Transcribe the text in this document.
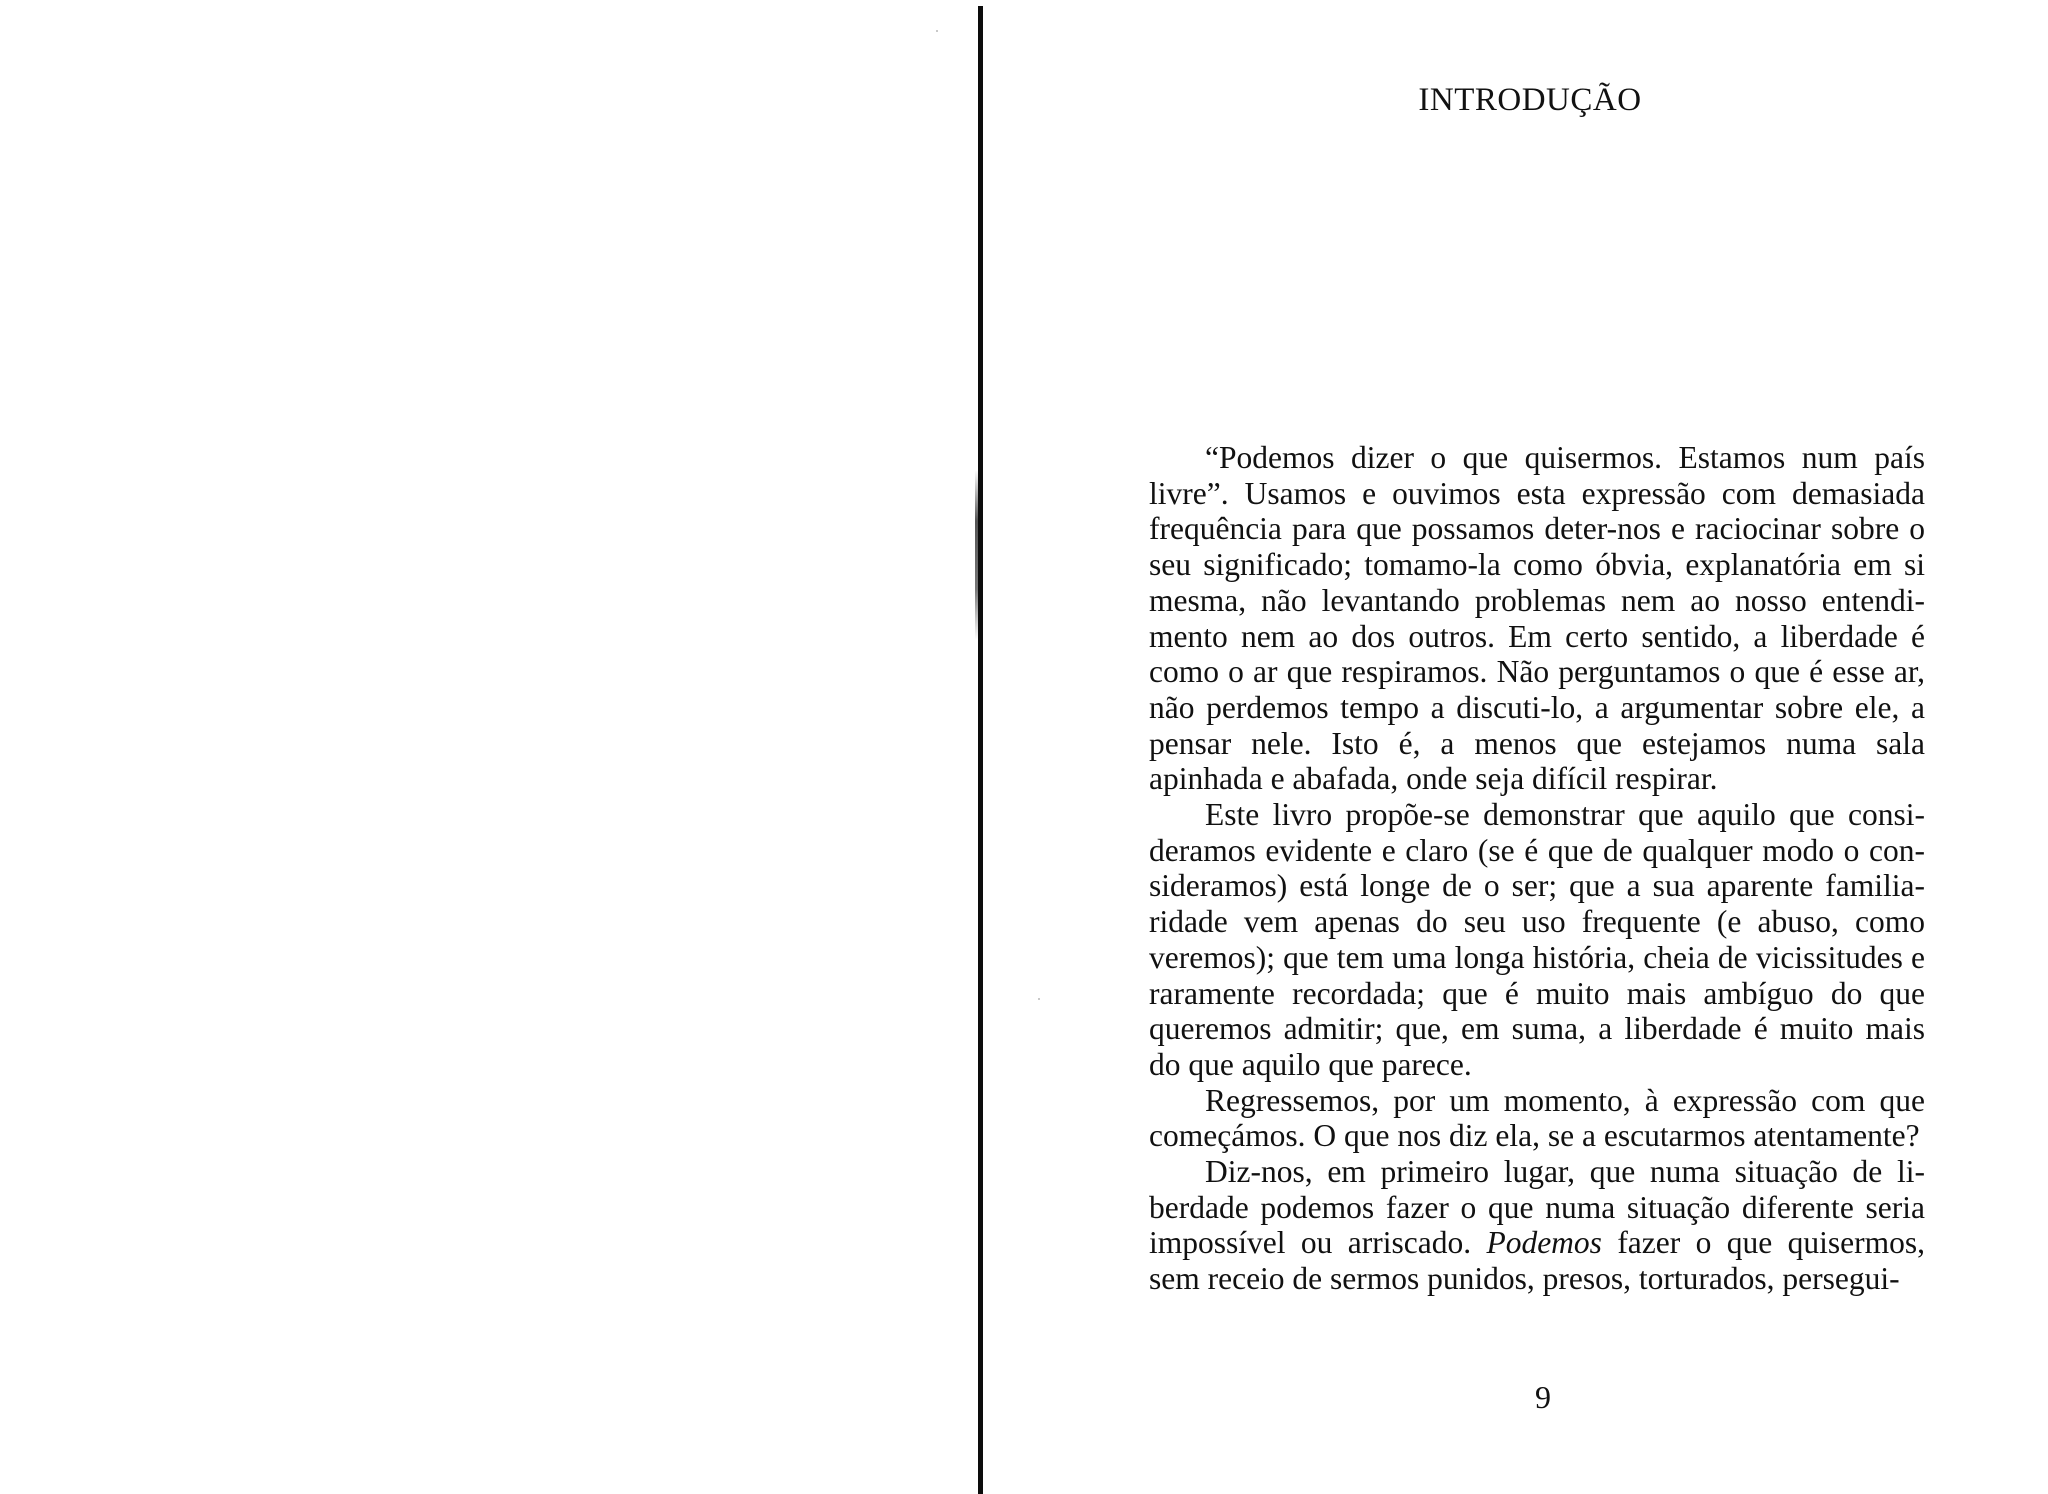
INTRODUÇÃO

“Podemos dizer o que quisermos. Estamos num país livre”. Usamos e ouvimos esta expressão com demasiada frequência para que possamos deter-nos e raciocinar sobre o seu significado; tomamo-la como óbvia, explanatória em si mesma, não levantando problemas nem ao nosso entendimento nem ao dos outros. Em certo sentido, a liberdade é como o ar que respiramos. Não perguntamos o que é esse ar, não perdemos tempo a discuti-lo, a argumentar sobre ele, a pensar nele. Isto é, a menos que estejamos numa sala apinhada e abafada, onde seja difícil respirar.

Este livro propõe-se demonstrar que aquilo que consideramos evidente e claro (se é que de qualquer modo o consideramos) está longe de o ser; que a sua aparente familiaridade vem apenas do seu uso frequente (e abuso, como veremos); que tem uma longa história, cheia de vicissitudes e raramente recordada; que é muito mais ambíguo do que queremos admitir; que, em suma, a liberdade é muito mais do que aquilo que parece.

Regressemos, por um momento, à expressão com que começámos. O que nos diz ela, se a escutarmos atentamente?

Diz-nos, em primeiro lugar, que numa situação de liberdade podemos fazer o que numa situação diferente seria impossível ou arriscado. Podemos fazer o que quisermos, sem receio de sermos punidos, presos, torturados, persegui-

9
